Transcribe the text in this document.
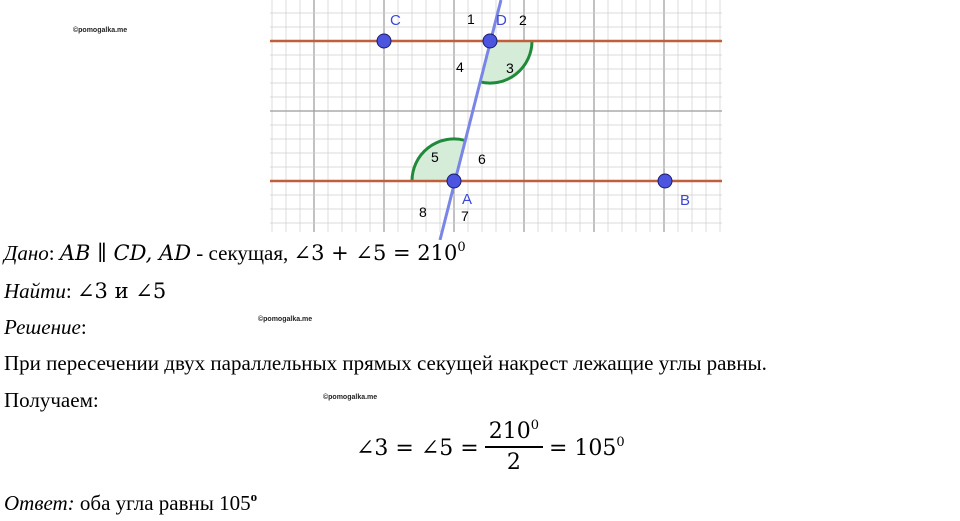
©pomogalka.me
©pomogalka.me
©pomogalka.me
C	D
A	B
1	2
4	3
5	6
8 7
Дано: AB ∥ CD, AD - секущая, ∠3 + ∠5 = $210^0$
Найти: ∠3 и ∠5
Решение:
При пересечении двух параллельных прямых секущей накрест лежащие углы равны.
Получаем:
∠3 = ∠5 = $\frac{210^0}{2} = 105^0$
Ответ: оба угла равны 105$^o$
